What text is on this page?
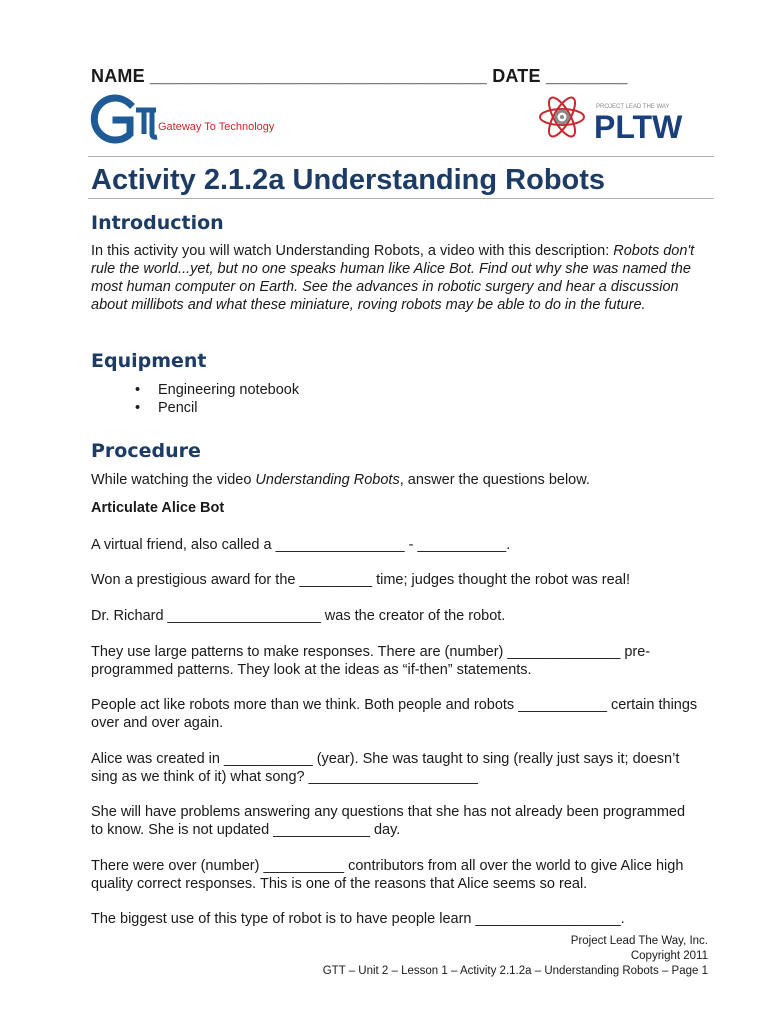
NAME _________________________________ DATE ________
Gateway To Technology
PROJECT LEAD THE WAY
PLTW
Activity 2.1.2a Understanding Robots
Introduction
In this activity you will watch Understanding Robots, a video with this description: Robots don't rule the world...yet, but no one speaks human like Alice Bot. Find out why she was named the most human computer on Earth. See the advances in robotic surgery and hear a discussion about millibots and what these miniature, roving robots may be able to do in the future.
Equipment
• Engineering notebook
• Pencil
Procedure
While watching the video Understanding Robots, answer the questions below.
Articulate Alice Bot
A virtual friend, also called a ________________ - ___________.
Won a prestigious award for the _________ time; judges thought the robot was real!
Dr. Richard ___________________ was the creator of the robot.
They use large patterns to make responses. There are (number) ______________ pre-programmed patterns. They look at the ideas as “if-then” statements.
People act like robots more than we think. Both people and robots ___________ certain things over and over again.
Alice was created in ___________ (year). She was taught to sing (really just says it; doesn’t sing as we think of it) what song? _____________________
She will have problems answering any questions that she has not already been programmed to know. She is not updated ____________ day.
There were over (number) __________ contributors from all over the world to give Alice high quality correct responses. This is one of the reasons that Alice seems so real.
The biggest use of this type of robot is to have people learn __________________.
Project Lead The Way, Inc.
Copyright 2011
GTT – Unit 2 – Lesson 1 – Activity 2.1.2a – Understanding Robots – Page 1
